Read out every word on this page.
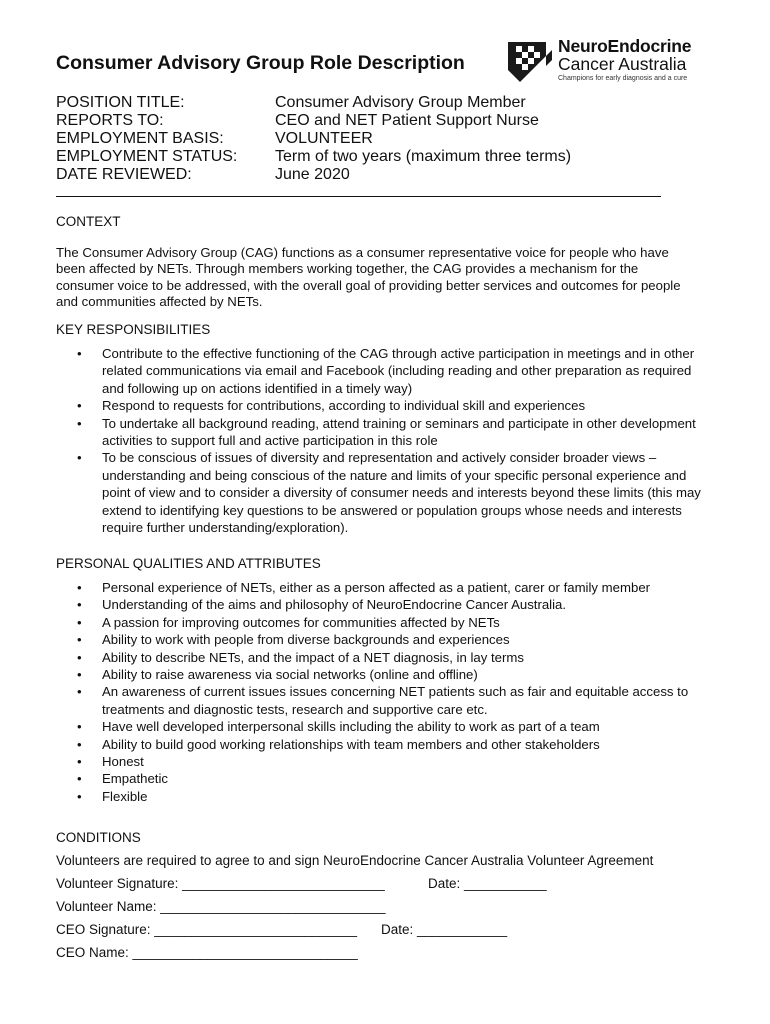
NeuroEndocrine
Cancer Australia
Champions for early diagnosis and a cure
Consumer Advisory Group Role Description
POSITION TITLE:	Consumer Advisory Group Member
REPORTS TO:	CEO and NET Patient Support Nurse
EMPLOYMENT BASIS:	VOLUNTEER
EMPLOYMENT STATUS: Term of two years (maximum three terms)
DATE REVIEWED:	June 2020
CONTEXT
The Consumer Advisory Group (CAG) functions as a consumer representative voice for people who have been affected by NETs. Through members working together, the CAG provides a mechanism for the consumer voice to be addressed, with the overall goal of providing better services and outcomes for people and communities affected by NETs.
KEY RESPONSIBILITIES
• Contribute to the effective functioning of the CAG through active participation in meetings and in other related communications via email and Facebook (including reading and other preparation as required and following up on actions identified in a timely way)
• Respond to requests for contributions, according to individual skill and experiences
• To undertake all background reading, attend training or seminars and participate in other development activities to support full and active participation in this role
• To be conscious of issues of diversity and representation and actively consider broader views – understanding and being conscious of the nature and limits of your specific personal experience and point of view and to consider a diversity of consumer needs and interests beyond these limits (this may extend to identifying key questions to be answered or population groups whose needs and interests require further understanding/exploration).
PERSONAL QUALITIES AND ATTRIBUTES
• Personal experience of NETs, either as a person affected as a patient, carer or family member
• Understanding of the aims and philosophy of NeuroEndocrine Cancer Australia.
• A passion for improving outcomes for communities affected by NETs
• Ability to work with people from diverse backgrounds and experiences
• Ability to describe NETs, and the impact of a NET diagnosis, in lay terms
• Ability to raise awareness via social networks (online and offline)
• An awareness of current issues issues concerning NET patients such as fair and equitable access to treatments and diagnostic tests, research and supportive care etc.
• Have well developed interpersonal skills including the ability to work as part of a team
• Ability to build good working relationships with team members and other stakeholders
• Honest
• Empathetic
• Flexible
CONDITIONS
Volunteers are required to agree to and sign NeuroEndocrine Cancer Australia Volunteer Agreement
Volunteer Signature: ___________________________	Date: ___________
Volunteer Name: ______________________________
CEO Signature: ___________________________ Date: ____________
CEO Name: ______________________________
